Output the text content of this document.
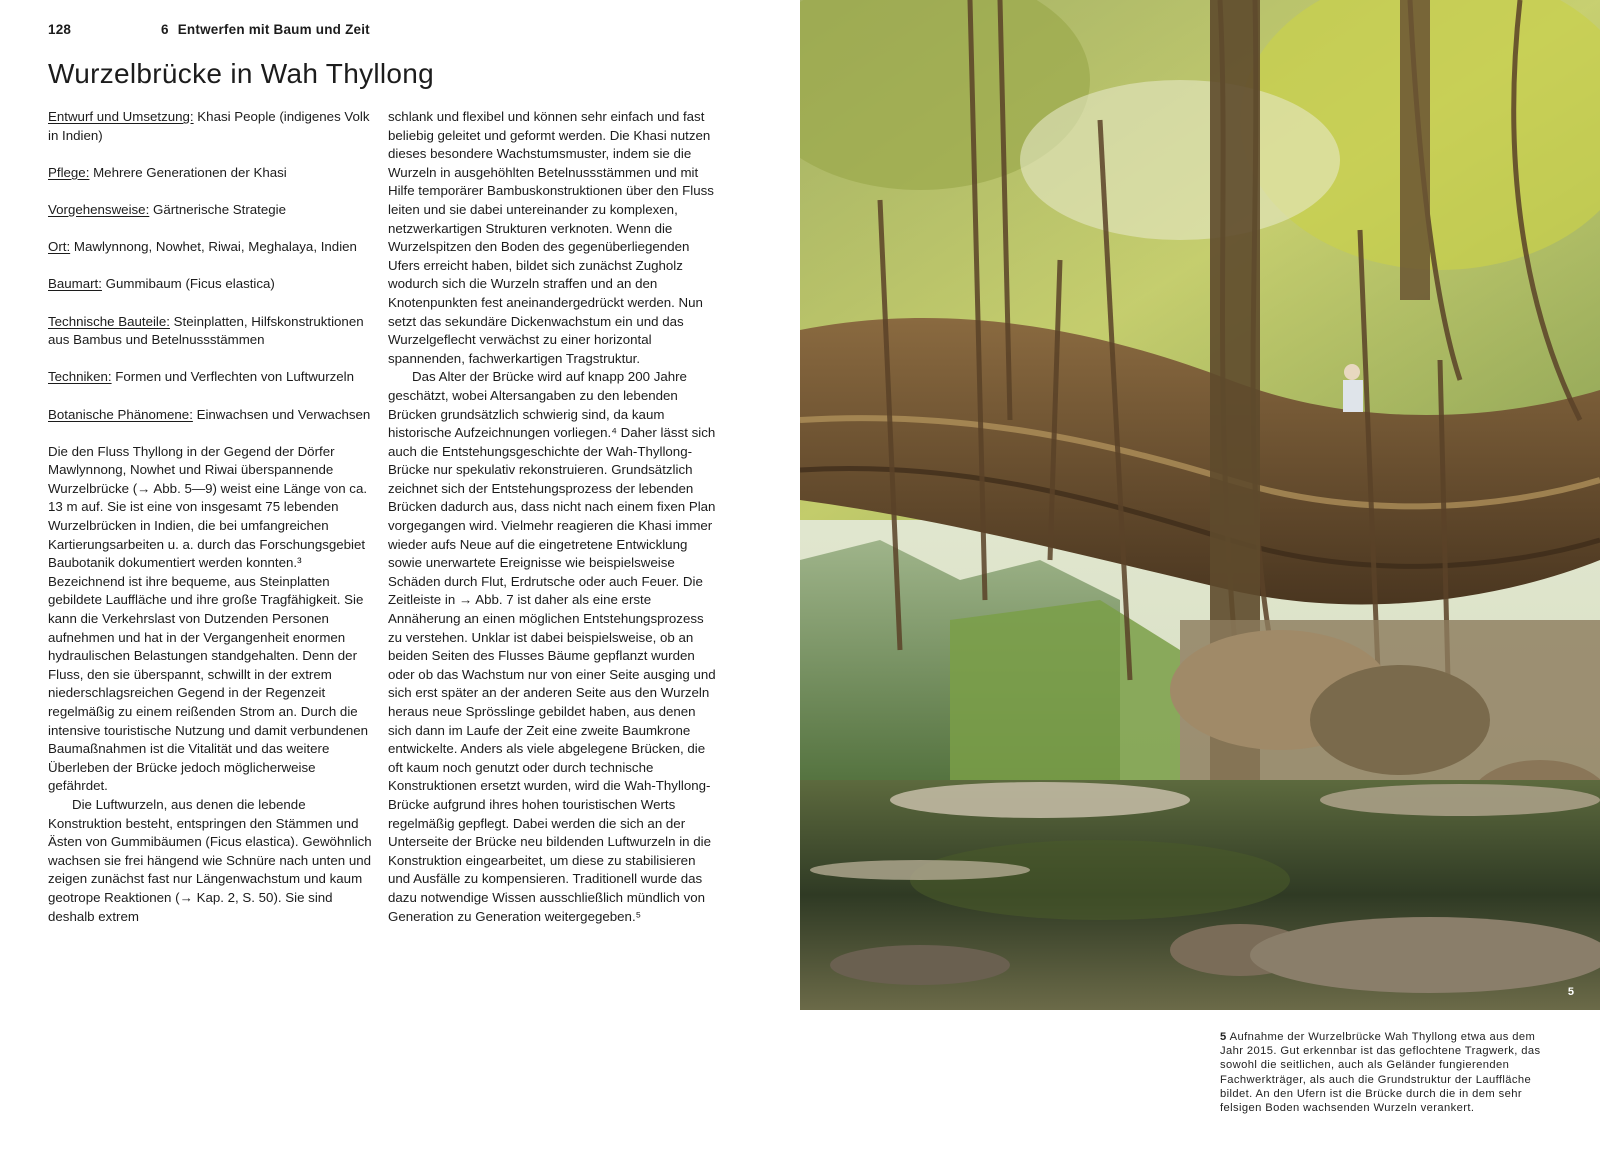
128	6 Entwerfen mit Baum und Zeit
Wurzelbrücke in Wah Thyllong

Entwurf und Umsetzung: Khasi People (indigenes Volk in Indien)

Pflege: Mehrere Generationen der Khasi

Vorgehensweise: Gärtnerische Strategie

Ort: Mawlynnong, Nowhet, Riwai, Meghalaya, Indien

Baumart: Gummibaum (Ficus elastica)

Technische Bauteile: Steinplatten, Hilfskonstruktionen aus Bambus und Betelnussstämmen

Techniken: Formen und Verflechten von Luftwurzeln

Botanische Phänomene: Einwachsen und Verwachsen

Die den Fluss Thyllong in der Gegend der Dörfer Mawlynnong, Nowhet und Riwai überspannende Wurzelbrücke (→ Abb. 5—9) weist eine Länge von ca. 13 m auf. Sie ist eine von insgesamt 75 lebenden Wurzelbrücken in Indien, die bei umfangreichen Kartierungsarbeiten u. a. durch das Forschungsgebiet Baubotanik dokumentiert werden konnten.³ Bezeichnend ist ihre bequeme, aus Steinplatten gebildete Lauffläche und ihre große Tragfähigkeit. Sie kann die Verkehrslast von Dutzenden Personen aufnehmen und hat in der Vergangenheit enormen hydraulischen Belastungen standgehalten. Denn der Fluss, den sie überspannt, schwillt in der extrem niederschlagsreichen Gegend in der Regenzeit regelmäßig zu einem reißenden Strom an. Durch die intensive touristische Nutzung und damit verbundenen Baumaßnahmen ist die Vitalität und das weitere Überleben der Brücke jedoch möglicherweise gefährdet.

Die Luftwurzeln, aus denen die lebende Konstruktion besteht, entspringen den Stämmen und Ästen von Gummibäumen (Ficus elastica). Gewöhnlich wachsen sie frei hängend wie Schnüre nach unten und zeigen zunächst fast nur Längenwachstum und kaum geotrope Reaktionen (→ Kap. 2, S. 50). Sie sind deshalb extrem

schlank und flexibel und können sehr einfach und fast beliebig geleitet und geformt werden. Die Khasi nutzen dieses besondere Wachstumsmuster, indem sie die Wurzeln in ausgehöhlten Betelnussstämmen und mit Hilfe temporärer Bambuskonstruktionen über den Fluss leiten und sie dabei untereinander zu komplexen, netzwerkartigen Strukturen verknoten. Wenn die Wurzelspitzen den Boden des gegenüberliegenden Ufers erreicht haben, bildet sich zunächst Zugholz wodurch sich die Wurzeln straffen und an den Knotenpunkten fest aneinandergedrückt werden. Nun setzt das sekundäre Dickenwachstum ein und das Wurzelgeflecht verwächst zu einer horizontal spannenden, fachwerkartigen Tragstruktur.

Das Alter der Brücke wird auf knapp 200 Jahre geschätzt, wobei Altersangaben zu den lebenden Brücken grundsätzlich schwierig sind, da kaum historische Aufzeichnungen vorliegen.⁴ Daher lässt sich auch die Entstehungsgeschichte der Wah-Thyllong-Brücke nur spekulativ rekonstruieren. Grundsätzlich zeichnet sich der Entstehungsprozess der lebenden Brücken dadurch aus, dass nicht nach einem fixen Plan vorgegangen wird. Vielmehr reagieren die Khasi immer wieder aufs Neue auf die eingetretene Entwicklung sowie unerwartete Ereignisse wie beispielsweise Schäden durch Flut, Erdrutsche oder auch Feuer. Die Zeitleiste in → Abb. 7 ist daher als eine erste Annäherung an einen möglichen Entstehungsprozess zu verstehen. Unklar ist dabei beispielsweise, ob an beiden Seiten des Flusses Bäume gepflanzt wurden oder ob das Wachstum nur von einer Seite ausging und sich erst später an der anderen Seite aus den Wurzeln heraus neue Sprösslinge gebildet haben, aus denen sich dann im Laufe der Zeit eine zweite Baumkrone entwickelte. Anders als viele abgelegene Brücken, die oft kaum noch genutzt oder durch technische Konstruktionen ersetzt wurden, wird die Wah-Thyllong-Brücke aufgrund ihres hohen touristischen Werts regelmäßig gepflegt. Dabei werden die sich an der Unterseite der Brücke neu bildenden Luftwurzeln in die Konstruktion eingearbeitet, um diese zu stabilisieren und Ausfälle zu kompensieren. Traditionell wurde das dazu notwendige Wissen ausschließlich mündlich von Generation zu Generation weitergegeben.⁵

5

5 Aufnahme der Wurzelbrücke Wah Thyllong etwa aus dem Jahr 2015. Gut erkennbar ist das geflochtene Tragwerk, das sowohl die seitlichen, auch als Geländer fungierenden Fachwerkträger, als auch die Grundstruktur der Lauffläche bildet. An den Ufern ist die Brücke durch die in dem sehr felsigen Boden wachsenden Wurzeln verankert.
